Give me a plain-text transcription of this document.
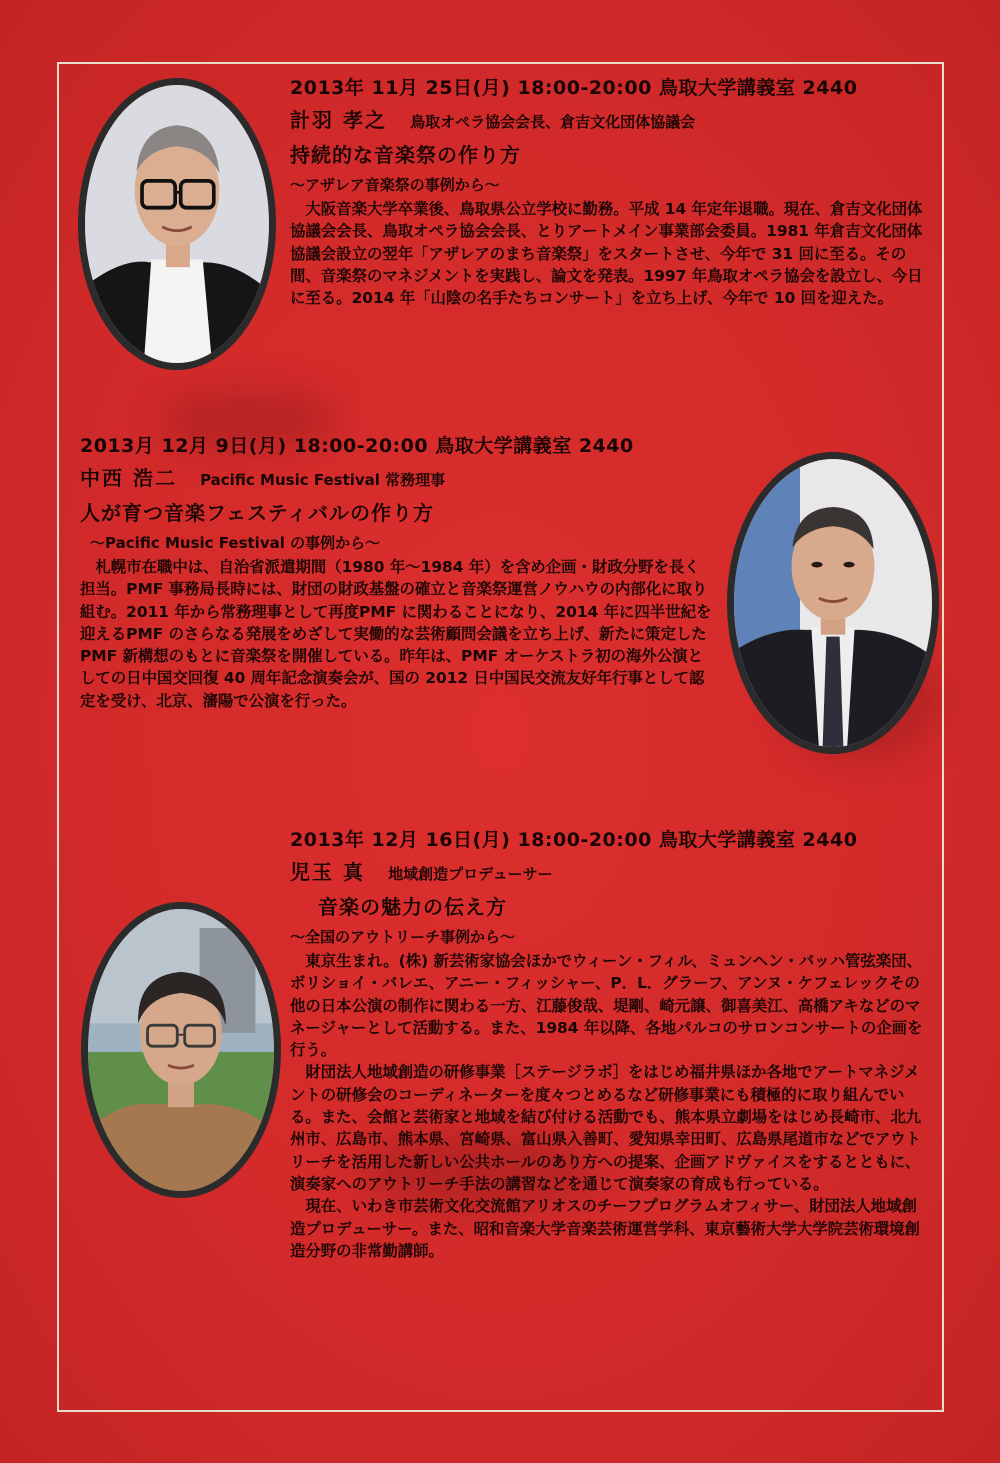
2013年 11月 25日(月) 18:00-20:00 鳥取大学講義室 2440
計羽 孝之 鳥取オペラ協会会長、倉吉文化団体協議会
持続的な音楽祭の作り方
～アザレア音楽祭の事例から～

大阪音楽大学卒業後、鳥取県公立学校に勤務。平成 14 年定年退職。現在、倉吉文化団体協議会会長、鳥取オペラ協会会長、とりアートメイン事業部会委員。1981 年倉吉文化団体協議会設立の翌年「アザレアのまち音楽祭」をスタートさせ、今年で 31 回に至る。その間、音楽祭のマネジメントを実践し、論文を発表。1997 年鳥取オペラ協会を設立し、今日に至る。2014 年「山陰の名手たちコンサート」を立ち上げ、今年で 10 回を迎えた。

2013月 12月 9日(月) 18:00-20:00 鳥取大学講義室 2440
中西 浩二 Pacific Music Festival 常務理事
人が育つ音楽フェスティバルの作り方
～Pacific Music Festival の事例から～

札幌市在職中は、自治省派遣期間（1980 年～1984 年）を含め企画・財政分野を長く担当。PMF 事務局長時には、財団の財政基盤の確立と音楽祭運営ノウハウの内部化に取り組む。2011 年から常務理事として再度PMF に関わることになり、2014 年に四半世紀を迎えるPMF のさらなる発展をめざして実働的な芸術顧問会議を立ち上げ、新たに策定したPMF 新構想のもとに音楽祭を開催している。昨年は、PMF オーケストラ初の海外公演としての日中国交回復 40 周年記念演奏会が、国の 2012 日中国民交流友好年行事として認定を受け、北京、瀋陽で公演を行った。

2013年 12月 16日(月) 18:00-20:00 鳥取大学講義室 2440
児玉 真 地域創造プロデューサー
音楽の魅力の伝え方
～全国のアウトリーチ事例から～

東京生まれ。(株) 新芸術家協会ほかでウィーン・フィル、ミュンヘン・バッハ管弦楽団、ボリショイ・バレエ、アニー・フィッシャー、P．L．グラーフ、アンヌ・ケフェレックその他の日本公演の制作に関わる一方、江藤俊哉、堤剛、崎元譲、御喜美江、高橋アキなどのマネージャーとして活動する。また、1984 年以降、各地パルコのサロンコンサートの企画を行う。

財団法人地域創造の研修事業［ステージラボ］をはじめ福井県ほか各地でアートマネジメントの研修会のコーディネーターを度々つとめるなど研修事業にも積極的に取り組んでいる。また、会館と芸術家と地域を結び付ける活動でも、熊本県立劇場をはじめ長崎市、北九州市、広島市、熊本県、宮崎県、富山県入善町、愛知県幸田町、広島県尾道市などでアウトリーチを活用した新しい公共ホールのあり方への提案、企画アドヴァイスをするとともに、演奏家へのアウトリーチ手法の講習などを通じて演奏家の育成も行っている。

現在、いわき市芸術文化交流館アリオスのチーフプログラムオフィサー、財団法人地域創造プロデューサー。また、昭和音楽大学音楽芸術運営学科、東京藝術大学大学院芸術環境創造分野の非常勤講師。
